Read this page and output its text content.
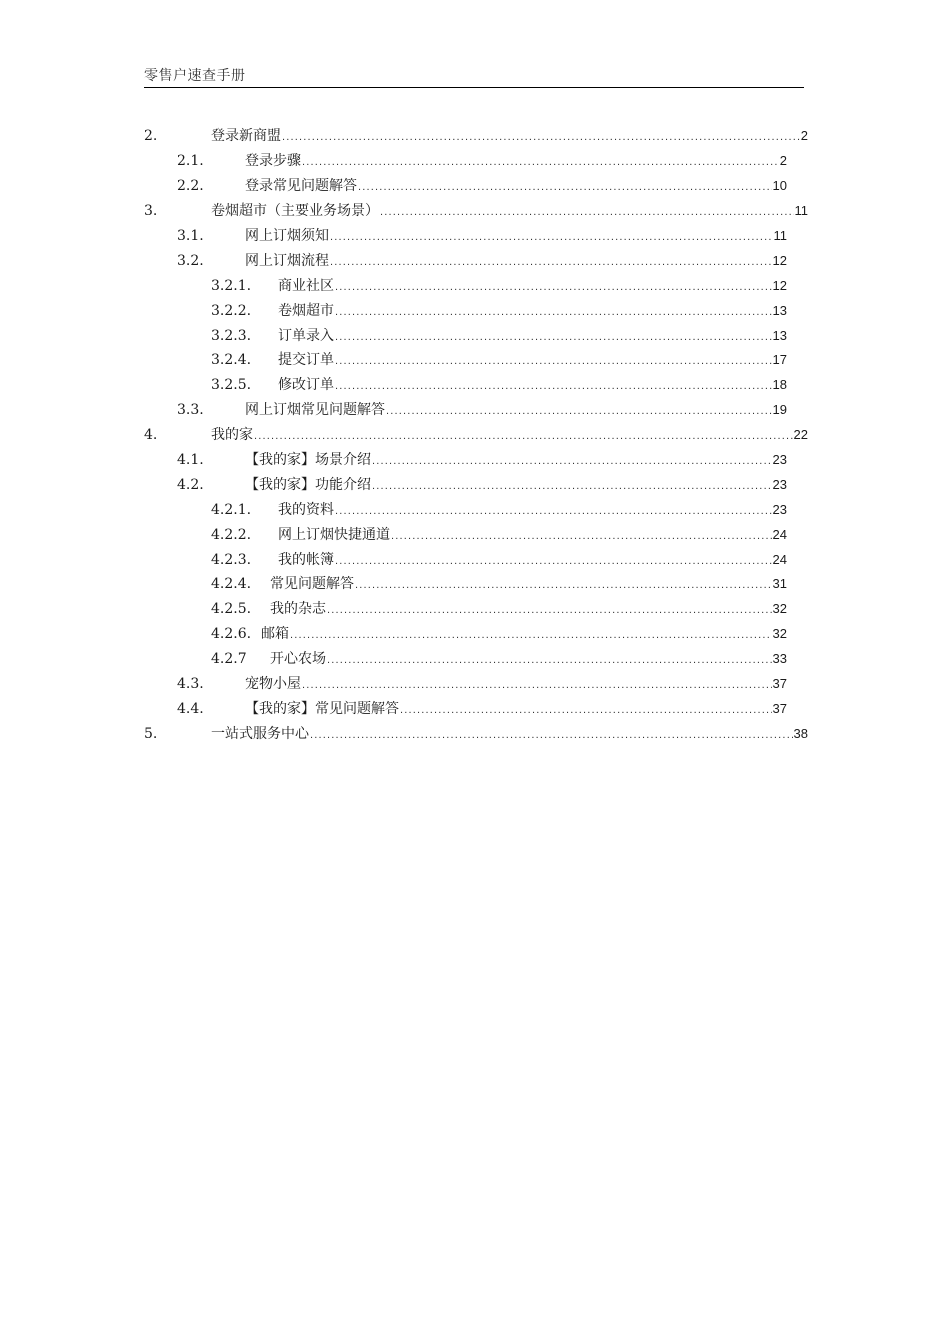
零售户速查手册
2.	登录新商盟 .....	2
2.1.	登录步骤 .....	2
2.2.	登录常见问题解答 .....	10
3.	卷烟超市（主要业务场景） .....	11
3.1.	网上订烟须知 .....	11
3.2.	网上订烟流程 .....	12
3.2.1. 商业社区 .....	12
3.2.2. 卷烟超市 .....	13
3.2.3. 订单录入 .....	13
3.2.4. 提交订单 .....	17
3.2.5. 修改订单 .....	18
3.3.	网上订烟常见问题解答 .....	19
4.	我的家 .....	22
4.1.	【我的家】场景介绍 .....	23
4.2.	【我的家】功能介绍 .....	23
4.2.1. 我的资料 .....	23
4.2.2. 网上订烟快捷通道 .....	24
4.2.3. 我的帐簿 .....	24
4.2.4. 常见问题解答 .....	31
4.2.5. 我的杂志 .....	32
4.2.6. 邮箱 .....	32
4.2.7 开心农场 .....	33
4.3.	宠物小屋 .....	37
4.4.	【我的家】常见问题解答 .....	37
5.	一站式服务中心 .....	38
